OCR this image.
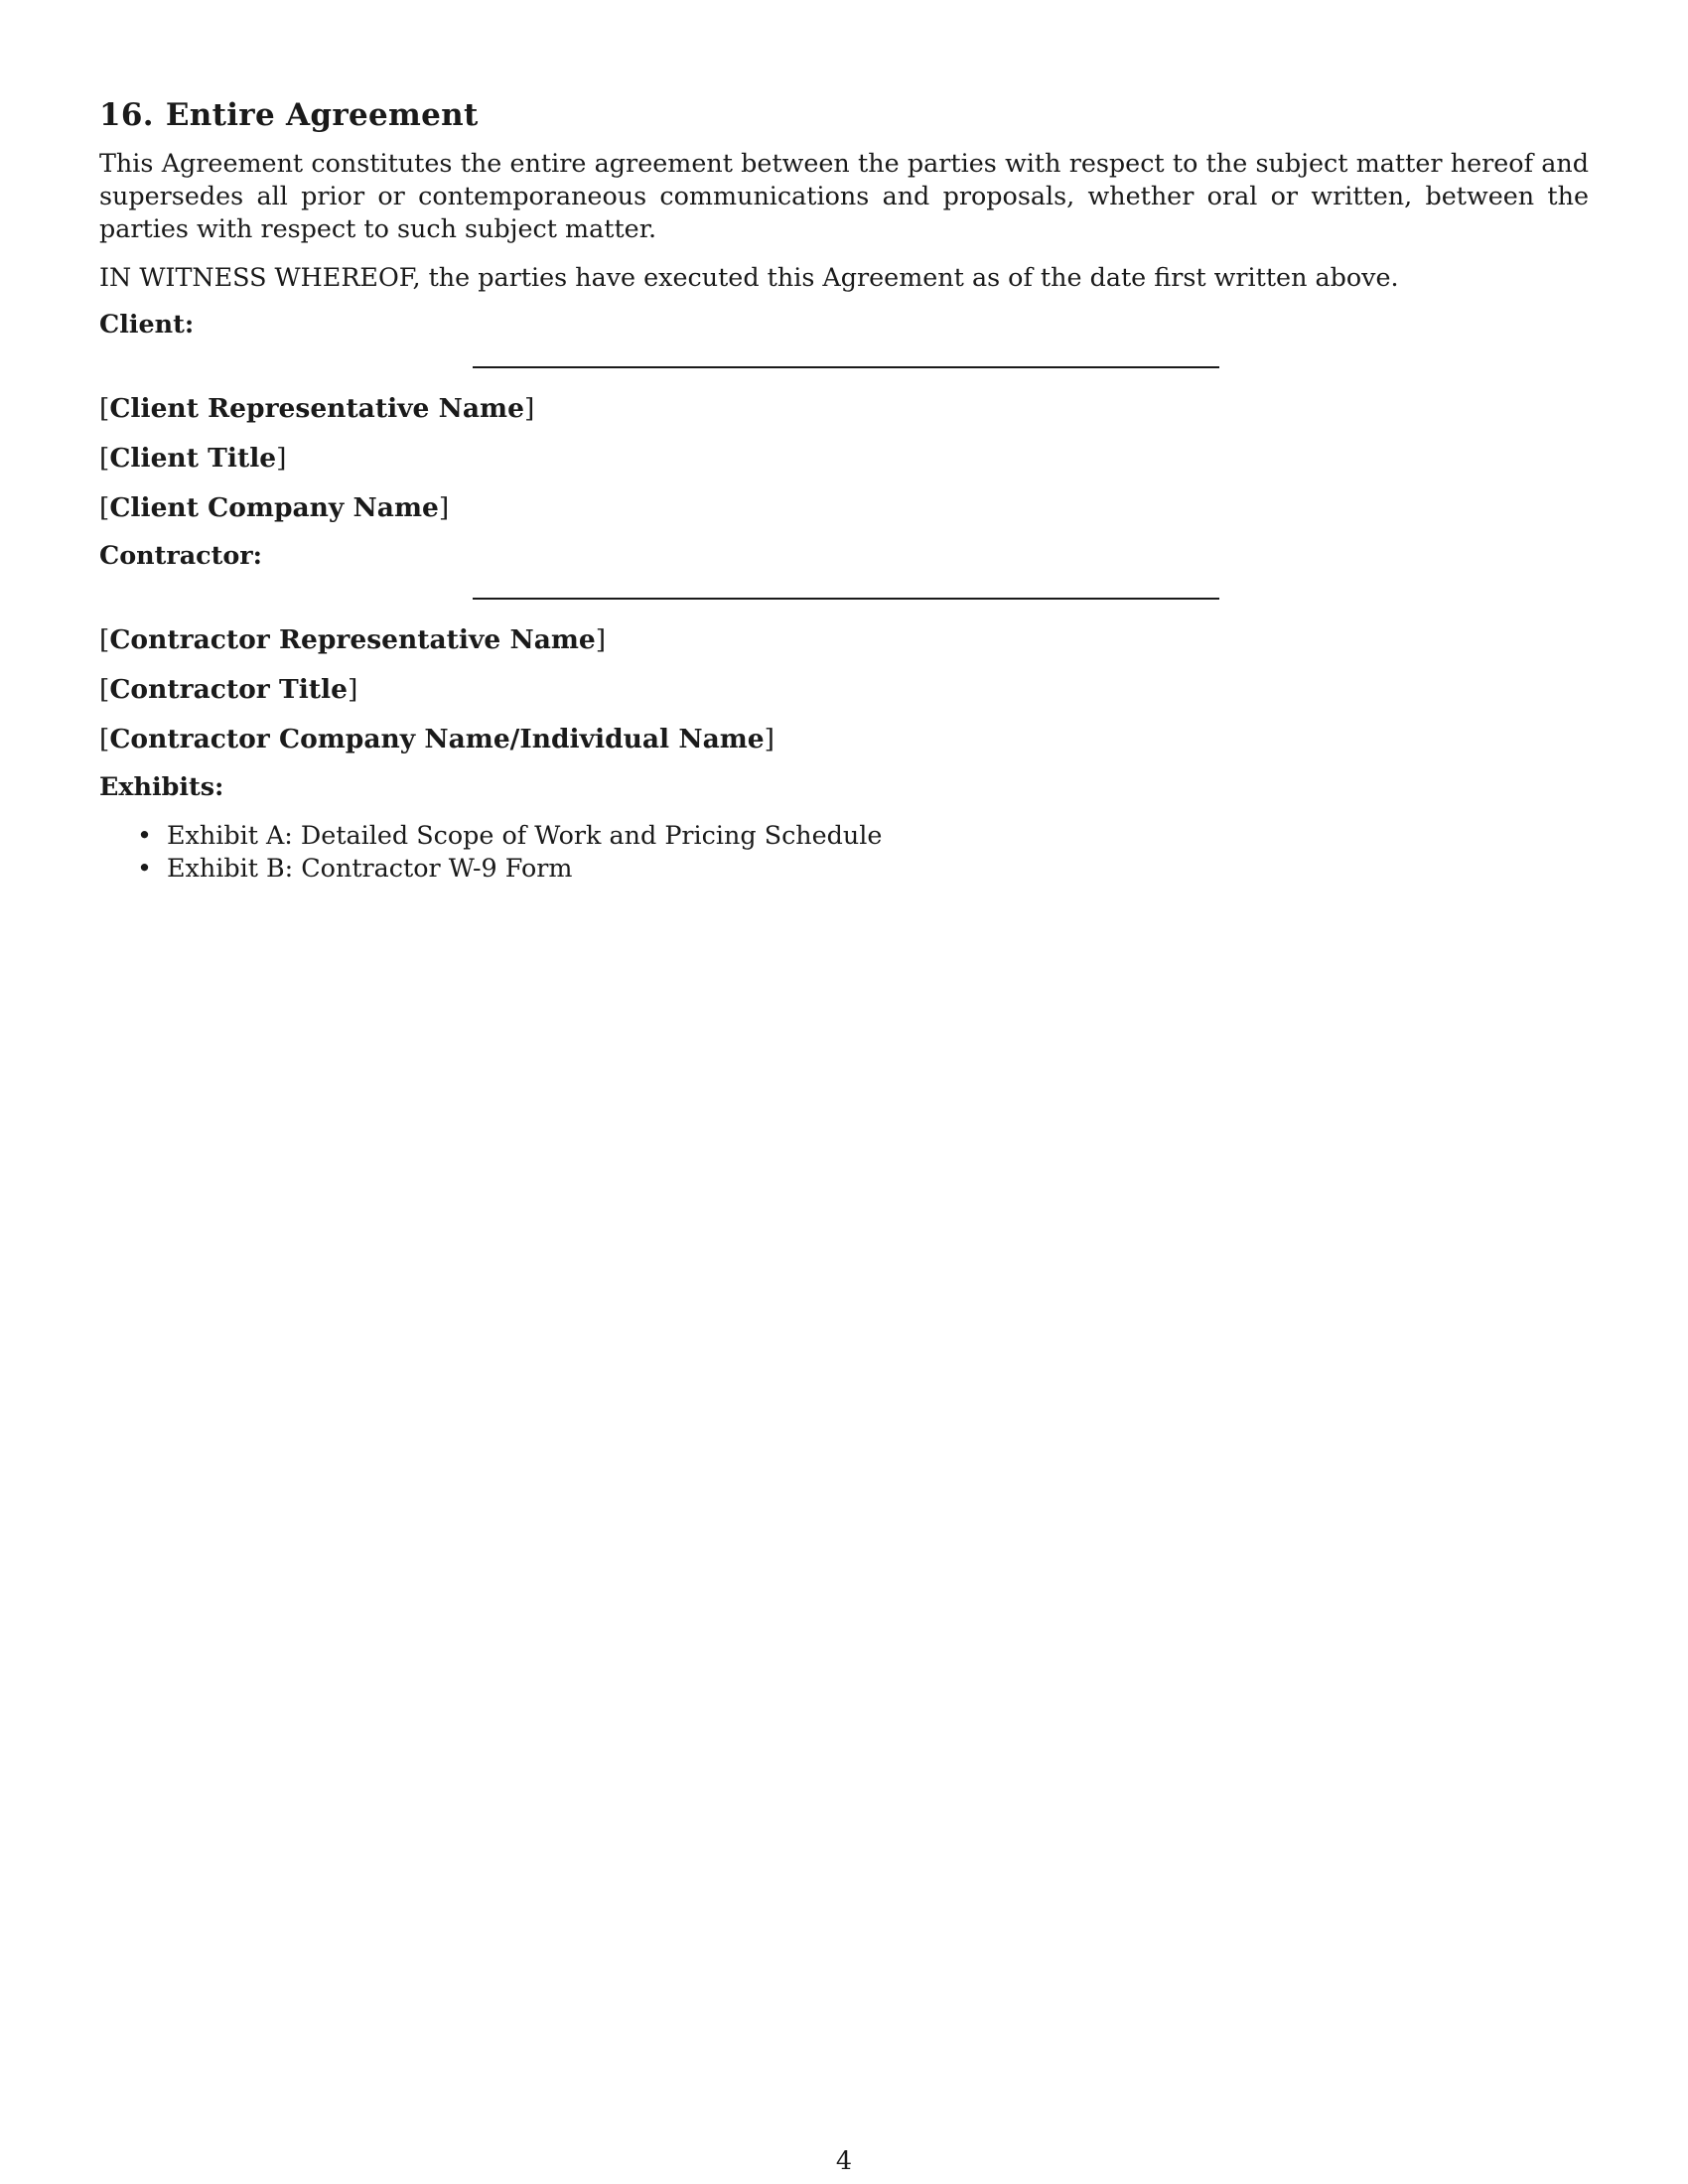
16. Entire Agreement

This Agreement constitutes the entire agreement between the parties with respect to the subject matter hereof and supersedes all prior or contemporaneous communications and proposals, whether oral or written, between the parties with respect to such subject matter.

IN WITNESS WHEREOF, the parties have executed this Agreement as of the date first written above.

Client:

[Client Representative Name]

[Client Title]

[Client Company Name]

Contractor:

[Contractor Representative Name]

[Contractor Title]

[Contractor Company Name/Individual Name]

Exhibits:

• Exhibit A: Detailed Scope of Work and Pricing Schedule
• Exhibit B: Contractor W-9 Form
4
